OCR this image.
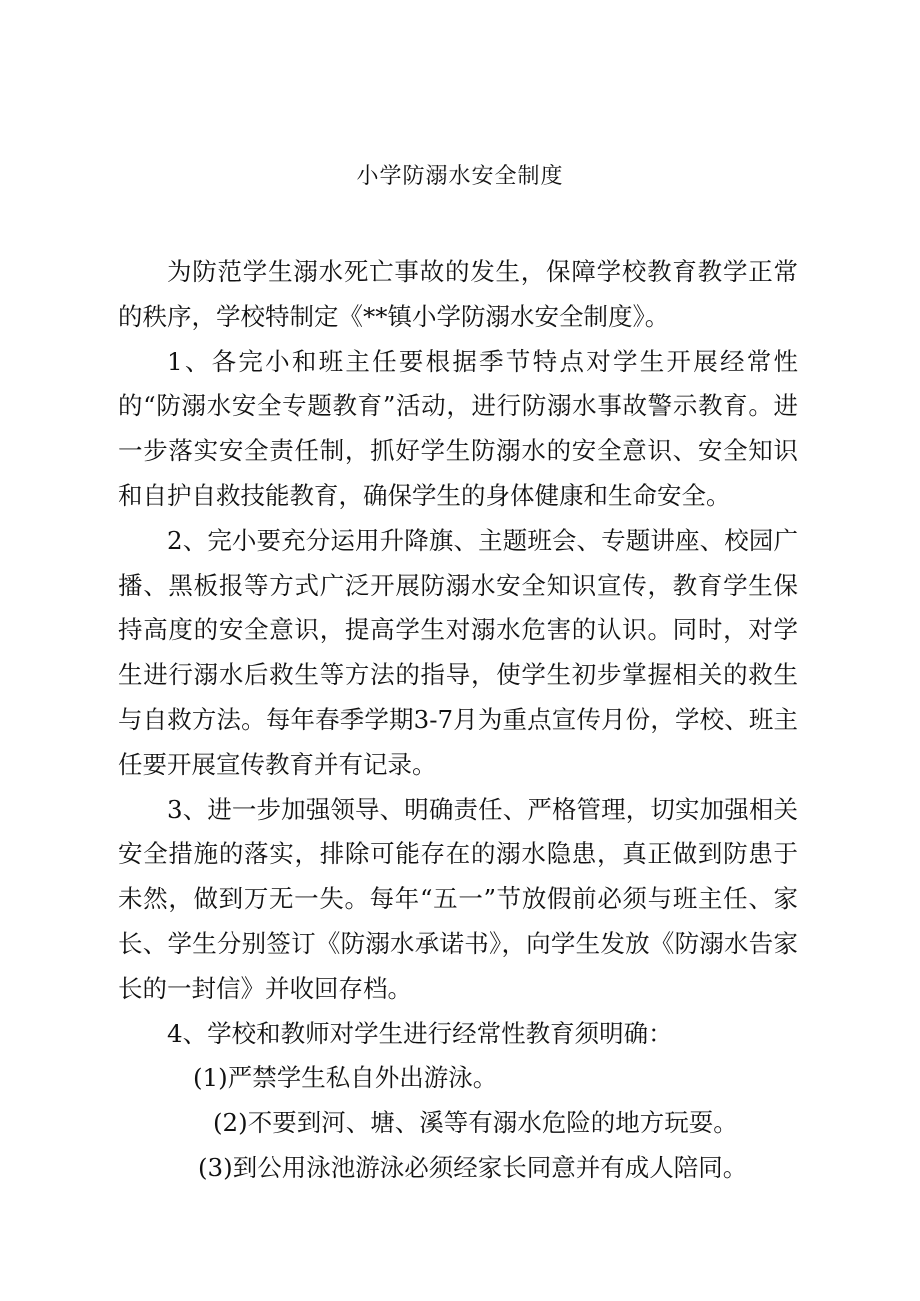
小学防溺水安全制度

为防范学生溺水死亡事故的发生，保障学校教育教学正常的秩序，学校特制定《**镇小学防溺水安全制度》。

1、各完小和班主任要根据季节特点对学生开展经常性的“防溺水安全专题教育”活动，进行防溺水事故警示教育。进一步落实安全责任制，抓好学生防溺水的安全意识、安全知识和自护自救技能教育，确保学生的身体健康和生命安全。

2、完小要充分运用升降旗、主题班会、专题讲座、校园广播、黑板报等方式广泛开展防溺水安全知识宣传，教育学生保持高度的安全意识，提高学生对溺水危害的认识。同时，对学生进行溺水后救生等方法的指导，使学生初步掌握相关的救生与自救方法。每年春季学期3-7月为重点宣传月份，学校、班主任要开展宣传教育并有记录。

3、进一步加强领导、明确责任、严格管理，切实加强相关安全措施的落实，排除可能存在的溺水隐患，真正做到防患于未然，做到万无一失。每年“五一”节放假前必须与班主任、家长、学生分别签订《防溺水承诺书》，向学生发放《防溺水告家长的一封信》并收回存档。

4、学校和教师对学生进行经常性教育须明确：

(1)严禁学生私自外出游泳。

(2)不要到河、塘、溪等有溺水危险的地方玩耍。

(3)到公用泳池游泳必须经家长同意并有成人陪同。
